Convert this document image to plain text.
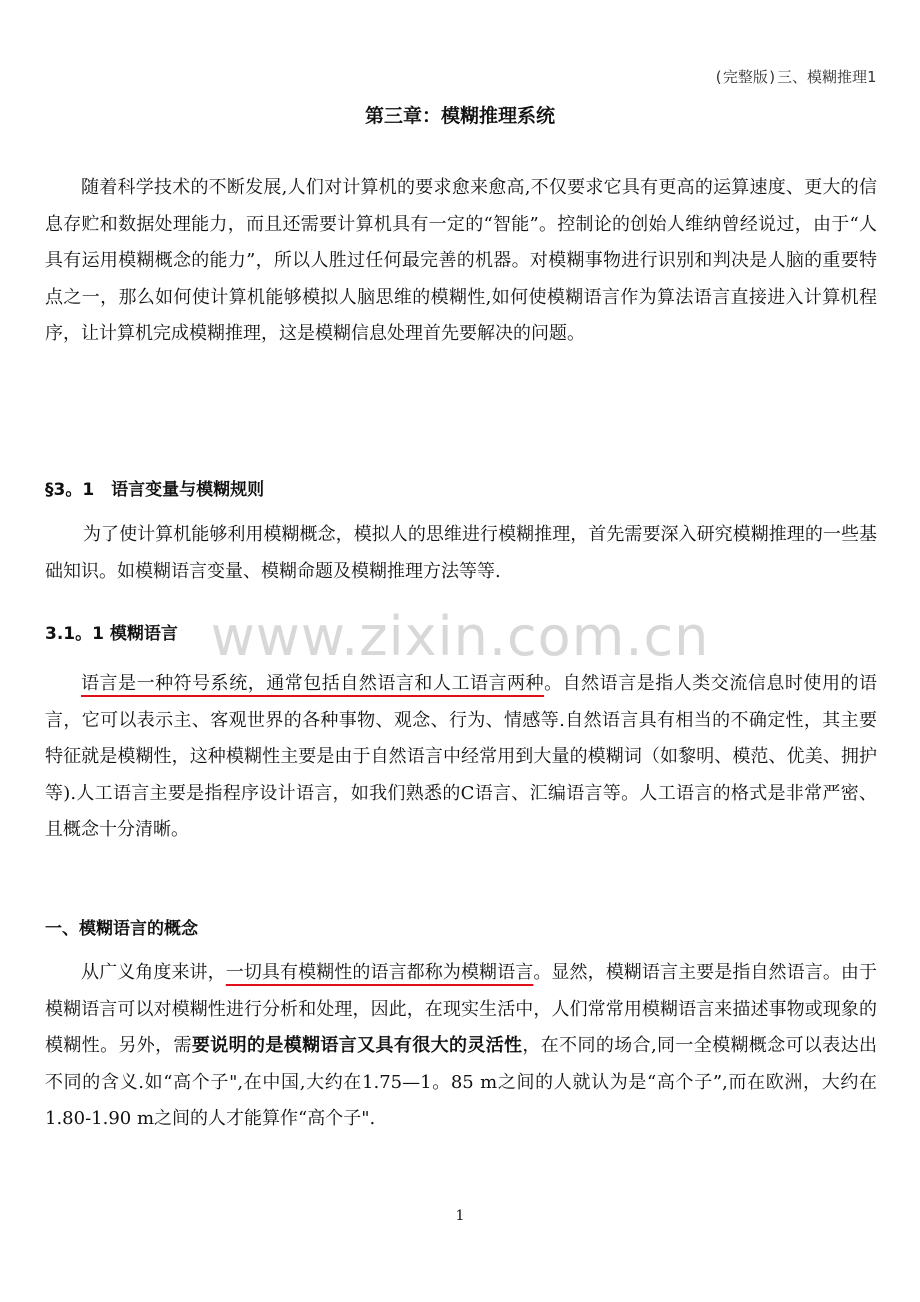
(完整版)三、模糊推理1
第三章：模糊推理系统
随着科学技术的不断发展,人们对计算机的要求愈来愈高,不仅要求它具有更高的运算速度、更大的信息存贮和数据处理能力，而且还需要计算机具有一定的“智能”。控制论的创始人维纳曾经说过，由于“人具有运用模糊概念的能力”，所以人胜过任何最完善的机器。对模糊事物进行识别和判决是人脑的重要特点之一，那么如何使计算机能够模拟人脑思维的模糊性,如何使模糊语言作为算法语言直接进入计算机程序，让计算机完成模糊推理，这是模糊信息处理首先要解决的问题。
§3。1　语言变量与模糊规则
为了使计算机能够利用模糊概念，模拟人的思维进行模糊推理，首先需要深入研究模糊推理的一些基础知识。如模糊语言变量、模糊命题及模糊推理方法等等.
www.zixin.com.cn
3.1。1 模糊语言
语言是一种符号系统，通常包括自然语言和人工语言两种。自然语言是指人类交流信息时使用的语言，它可以表示主、客观世界的各种事物、观念、行为、情感等.自然语言具有相当的不确定性，其主要特征就是模糊性，这种模糊性主要是由于自然语言中经常用到大量的模糊词（如黎明、模范、优美、拥护等).人工语言主要是指程序设计语言，如我们熟悉的C语言、汇编语言等。人工语言的格式是非常严密、且概念十分清晰。
一、模糊语言的概念
从广义角度来讲，一切具有模糊性的语言都称为模糊语言。显然，模糊语言主要是指自然语言。由于模糊语言可以对模糊性进行分析和处理，因此，在现实生活中，人们常常用模糊语言来描述事物或现象的模糊性。另外，需要说明的是模糊语言又具有很大的灵活性，在不同的场合,同一全模糊概念可以表达出不同的含义.如“高个子",在中国,大约在1.75—1。85 m之间的人就认为是“高个子”,而在欧洲，大约在1.80-1.90 m之间的人才能算作“高个子".
1
